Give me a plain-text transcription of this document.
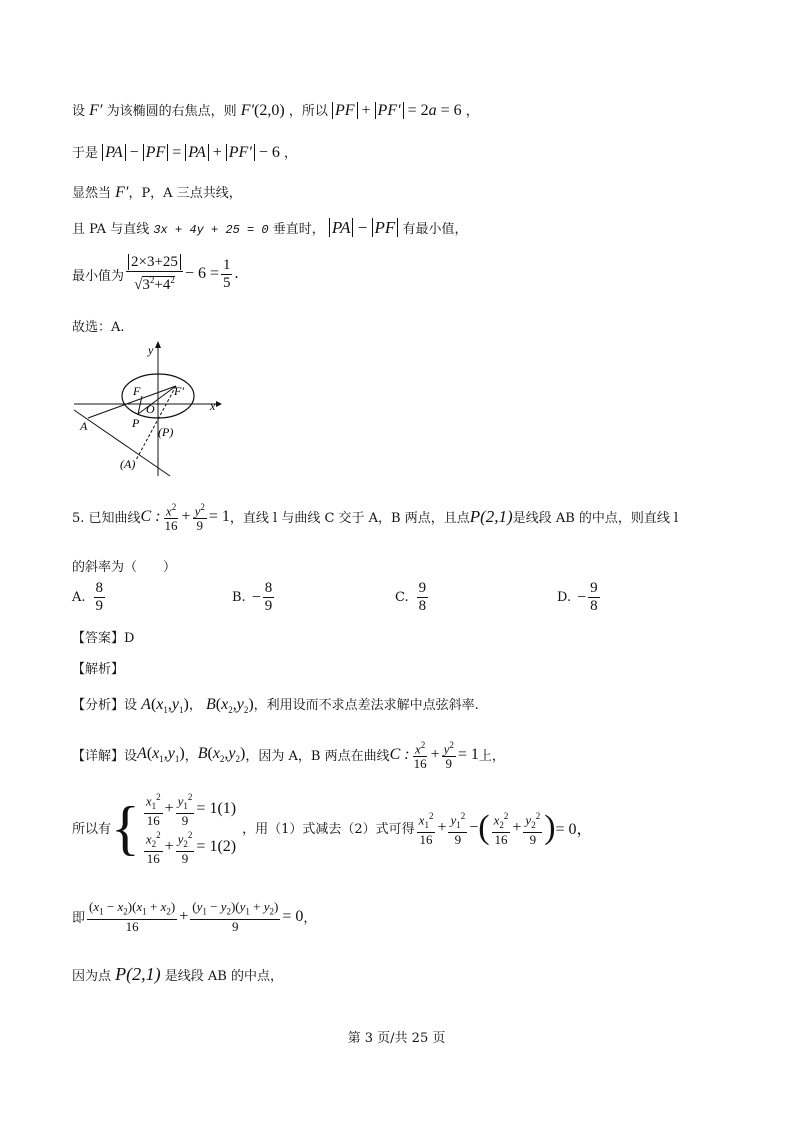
设 F′ 为该椭圆的右焦点，则 F′(2,0) ，所以 PF + PF′ = 2a = 6 ，
于是 PA − PF = PA + PF′ − 6 ，
显然当 F′，P，A 三点共线，
且 PA 与直线 3x + 4y + 25 = 0 垂直时， PA − PF 有最小值，
最小值为 $\frac{2\times 3+25}{√3^2+4^2} - 6 = \frac{1}{5}$ .
故选：A.
y
x
F	F'
O
A	P
(P)
(A)
5. 已知曲线 C : $\frac{x^2}{16} + \frac{y^2}{9} = 1$ ，直线 l 与曲线 C 交于 A，B 两点，且点 P(2,1) 是线段 AB 的中点，则直线 l
的斜率为（　　）
A. $\frac{8}{9}$	B. − $\frac{8}{9}$	C. $\frac{9}{8}$	D. − $\frac{9}{8}$
【答案】D
【解析】
【分析】设 $A(x_1,y_1)$， $B(x_2,y_2)$，利用设而不求点差法求解中点弦斜率.
【详解】 设 $A(x_1,y_1)$ ， $B(x_2,y_2)$ ，因为 A，B 两点在曲线 C : $\frac{x^2}{16} + \frac{y^2}{9} = 1$ 上，
所以有 { $\frac{x_1^2}{16} + \frac{y_1^2}{9} = 1(1)$
$\frac{x_2^2}{16} + \frac{y_2^2}{9} = 1(2)$
，用（1）式减去（2）式可得 $\frac{x_1^2}{16} + \frac{y_1^2}{9}$ − ( $\frac{x_2^2}{16} + \frac{y_2^2}{9}$ ) = 0，
即 $\frac{(x_1 - x_2)(x_1 + x_2)}{16} + \frac{(y_1 - y_2)(y_1 + y_2)}{9} = 0$ ，
因为点 P(2,1) 是线段 AB 的中点，
第 3 页/共 25 页
